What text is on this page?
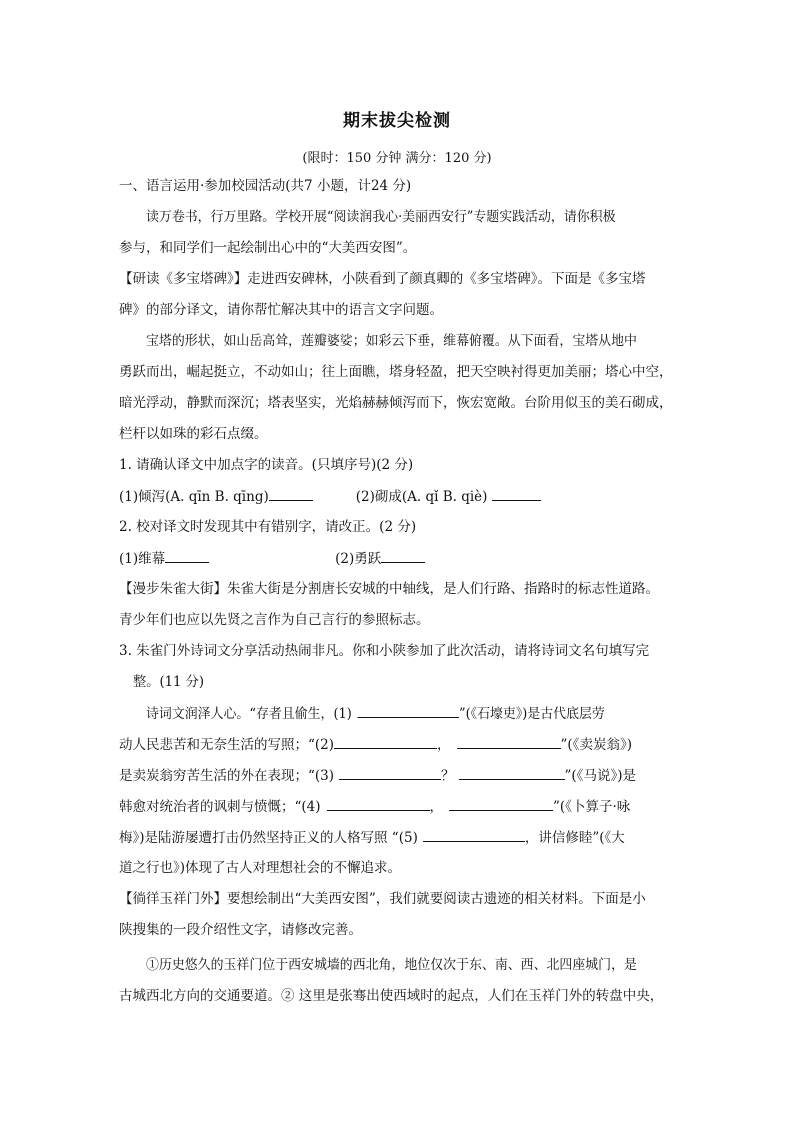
期末拔尖检测
(限时：150 分钟 满分：120 分)
一、语言运用·参加校园活动(共7 小题，计24 分)
读万卷书，行万里路。学校开展“阅读润我心·美丽西安行”专题实践活动，请你积极
参与，和同学们一起绘制出心中的“大美西安图”。
【研读《多宝塔碑》】走进西安碑林，小陕看到了颜真卿的《多宝塔碑》。下面是《多宝塔
碑》的部分译文，请你帮忙解决其中的语言文字问题。
宝塔的形状，如山岳高耸，莲瓣婆娑；如彩云下垂，维幕俯覆。从下面看，宝塔从地中
勇跃而出，崛起挺立，不动如山；往上面瞧，塔身轻盈，把天空映衬得更加美丽；塔心中空，
暗光浮动，静默而深沉；塔表坚实，光焰赫赫倾泻而下，恢宏宽敞。台阶用似玉的美石砌成，
栏杆以如珠的彩石点缀。
1. 请确认译文中加点字的读音。(只填序号)(2 分)
(1)倾泻(A. qīn B. qīng)	(2)砌成(A. qǐ B. qiè)
2. 校对译文时发现其中有错别字，请改正。(2 分)
(1)维幕	(2)勇跃
【漫步朱雀大街】朱雀大街是分割唐长安城的中轴线，是人们行路、指路时的标志性道路。
青少年们也应以先贤之言作为自己言行的参照标志。
3. 朱雀门外诗词文分享活动热闹非凡。你和小陕参加了此次活动，请将诗词文名句填写完
整。(11 分)
诗词文润泽人心。“存者且偷生，(1)	”(《石壕吏》)是古代底层劳
动人民悲苦和无奈生活的写照；“(2)	，	”(《卖炭翁》)
是卖炭翁穷苦生活的外在表现；“(3)	？	”(《马说》)是
韩愈对统治者的讽刺与愤慨；“(4)	，	”(《卜算子·咏
梅》)是陆游屡遭打击仍然坚持正义的人格写照 “(5)	，讲信修睦”(《大
道之行也》)体现了古人对理想社会的不懈追求。
【徜徉玉祥门外】要想绘制出“大美西安图”，我们就要阅读古遗迹的相关材料。下面是小
陕搜集的一段介绍性文字，请修改完善。
①历史悠久的玉祥门位于西安城墙的西北角，地位仅次于东、南、西、北四座城门，是
古城西北方向的交通要道。② 这里是张骞出使西域时的起点，人们在玉祥门外的转盘中央，
